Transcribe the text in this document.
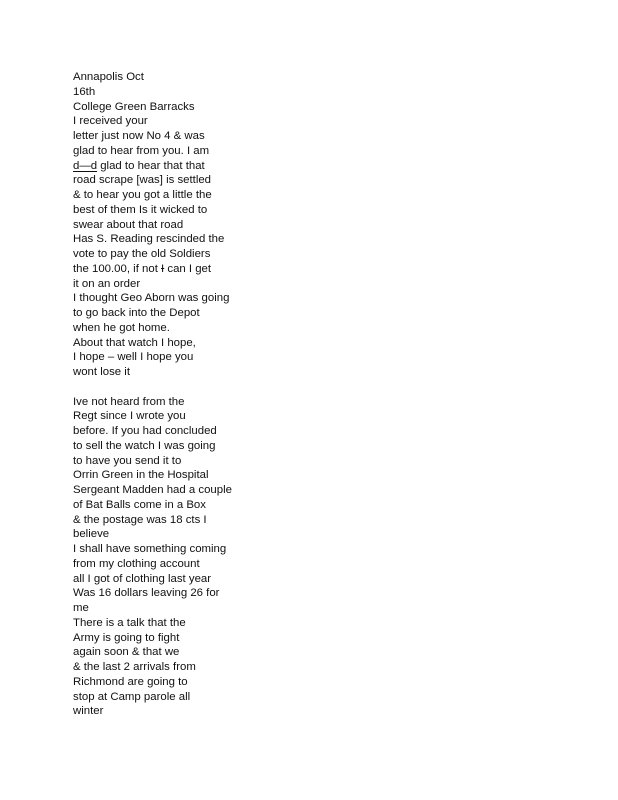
Annapolis Oct
16th
College Green Barracks
I received your
letter just now No 4 & was
glad to hear from you. I am
d—d glad to hear that that
road scrape [was] is settled
& to hear you got a little the
best of them Is it wicked to
swear about that road
Has S. Reading rescinded the
vote to pay the old Soldiers
the 100.00, if not I can I get
it on an order
I thought Geo Aborn was going
to go back into the Depot
when he got home.
About that watch I hope,
I hope – well I hope you
wont lose it
Ive not heard from the
Regt since I wrote you
before. If you had concluded
to sell the watch I was going
to have you send it to
Orrin Green in the Hospital
Sergeant Madden had a couple
of Bat Balls come in a Box
& the postage was 18 cts I
believe
I shall have something coming
from my clothing account
all I got of clothing last year
Was 16 dollars leaving 26 for
me
There is a talk that the
Army is going to fight
again soon & that we
& the last 2 arrivals from
Richmond are going to
stop at Camp parole all
winter
